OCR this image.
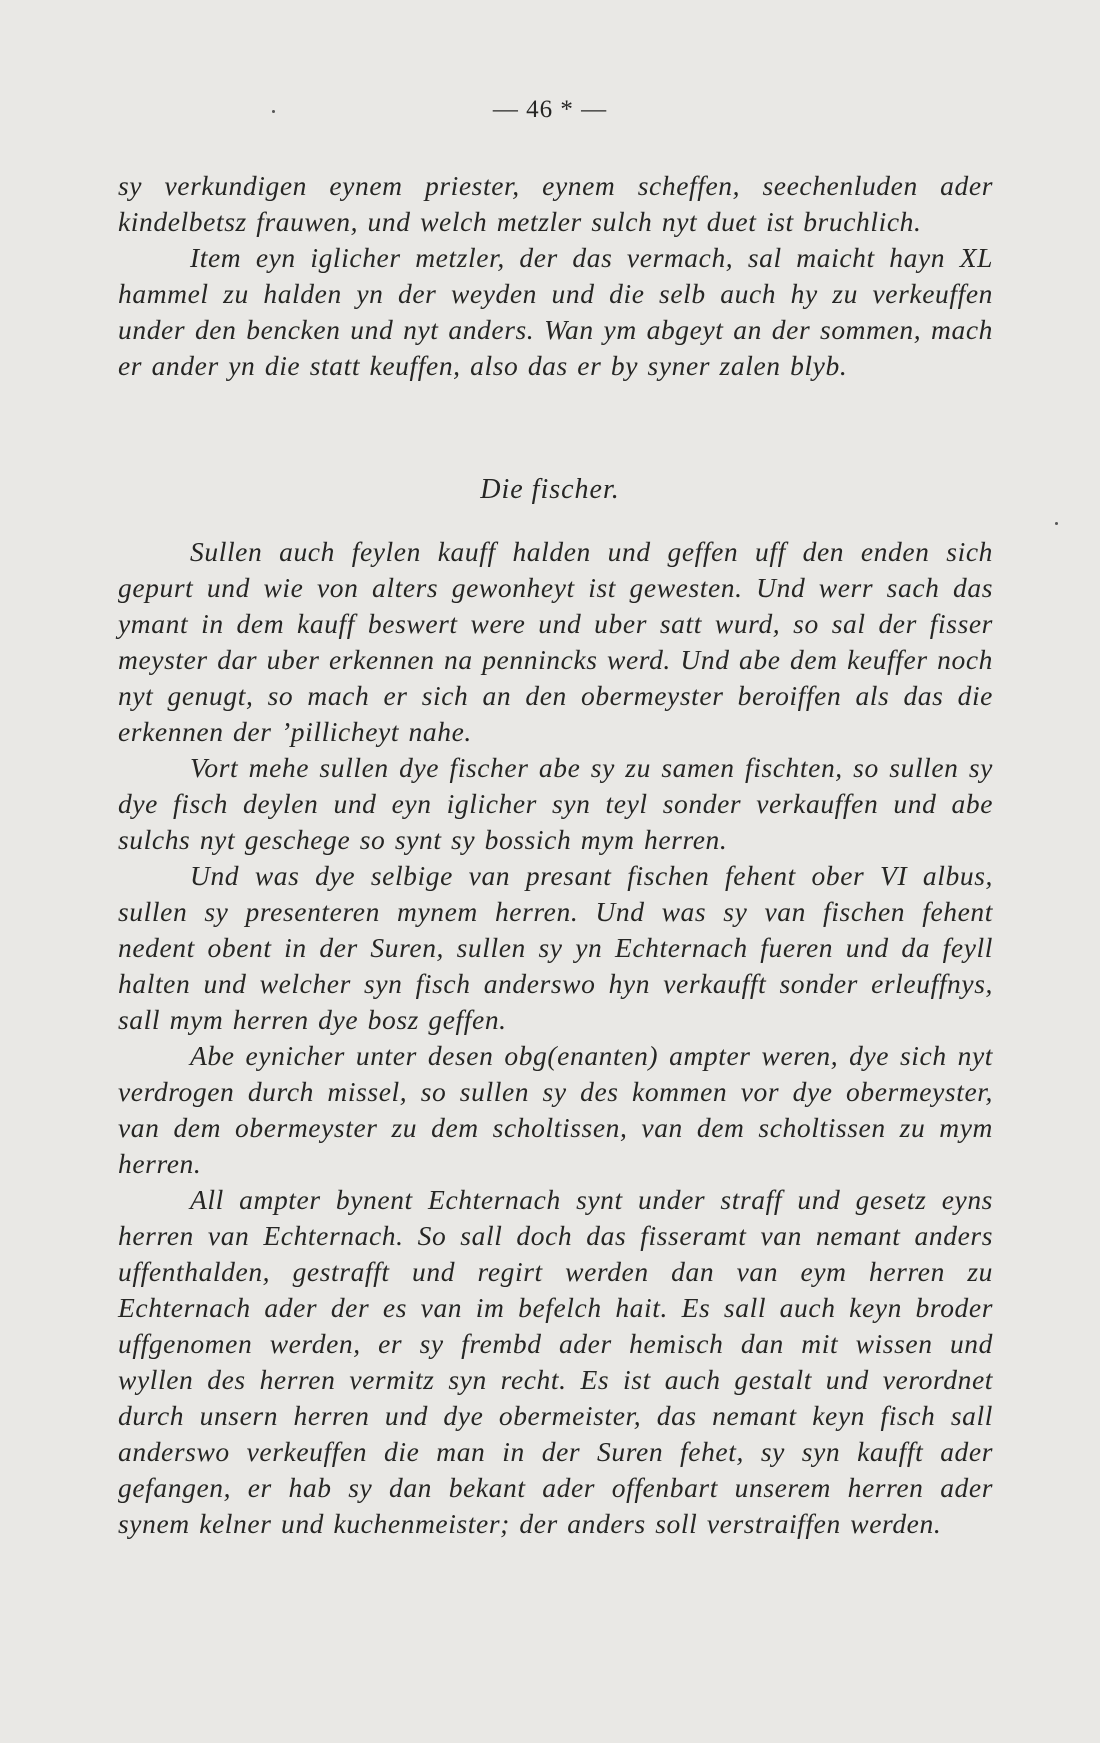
— 46 * —

sy verkundigen eynem priester, eynem scheffen, seechenluden ader kindelbetsz frauwen, und welch metzler sulch nyt duet ist bruchlich.

Item eyn iglicher metzler, der das vermach, sal maicht hayn XL hammel zu halden yn der weyden und die selb auch hy zu verkeuffen under den bencken und nyt anders. Wan ym abgeyt an der sommen, mach er ander yn die statt keuffen, also das er by syner zalen blyb.

Die fischer.

Sullen auch feylen kauff halden und geffen uff den enden sich gepurt und wie von alters gewonheyt ist gewesten. Und werr sach das ymant in dem kauff beswert were und uber satt wurd, so sal der fisser meyster dar uber erkennen na pennincks werd. Und abe dem keuffer noch nyt genugt, so mach er sich an den obermeyster beroiffen als das die erkennen der ’pillicheyt nahe.

Vort mehe sullen dye fischer abe sy zu samen fischten, so sullen sy dye fisch deylen und eyn iglicher syn teyl sonder verkauffen und abe sulchs nyt geschege so synt sy bossich mym herren.

Und was dye selbige van presant fischen fehent ober VI albus, sullen sy presenteren mynem herren. Und was sy van fischen fehent nedent obent in der Suren, sullen sy yn Echternach fueren und da feyll halten und welcher syn fisch anderswo hyn verkaufft sonder erleuffnys, sall mym herren dye bosz geffen.

Abe eynicher unter desen obg(enanten) ampter weren, dye sich nyt verdrogen durch missel, so sullen sy des kommen vor dye obermeyster, van dem obermeyster zu dem scholtissen, van dem scholtissen zu mym herren.

All ampter bynent Echternach synt under straff und gesetz eyns herren van Echternach. So sall doch das fisseramt van nemant anders uffenthalden, gestrafft und regirt werden dan van eym herren zu Echternach ader der es van im befelch hait. Es sall auch keyn broder uffgenomen werden, er sy frembd ader hemisch dan mit wissen und wyllen des herren vermitz syn recht. Es ist auch gestalt und verordnet durch unsern herren und dye obermeister, das nemant keyn fisch sall anderswo verkeuffen die man in der Suren fehet, sy syn kaufft ader gefangen, er hab sy dan bekant ader offenbart unserem herren ader synem kelner und kuchenmeister; der anders soll verstraiffen werden.
